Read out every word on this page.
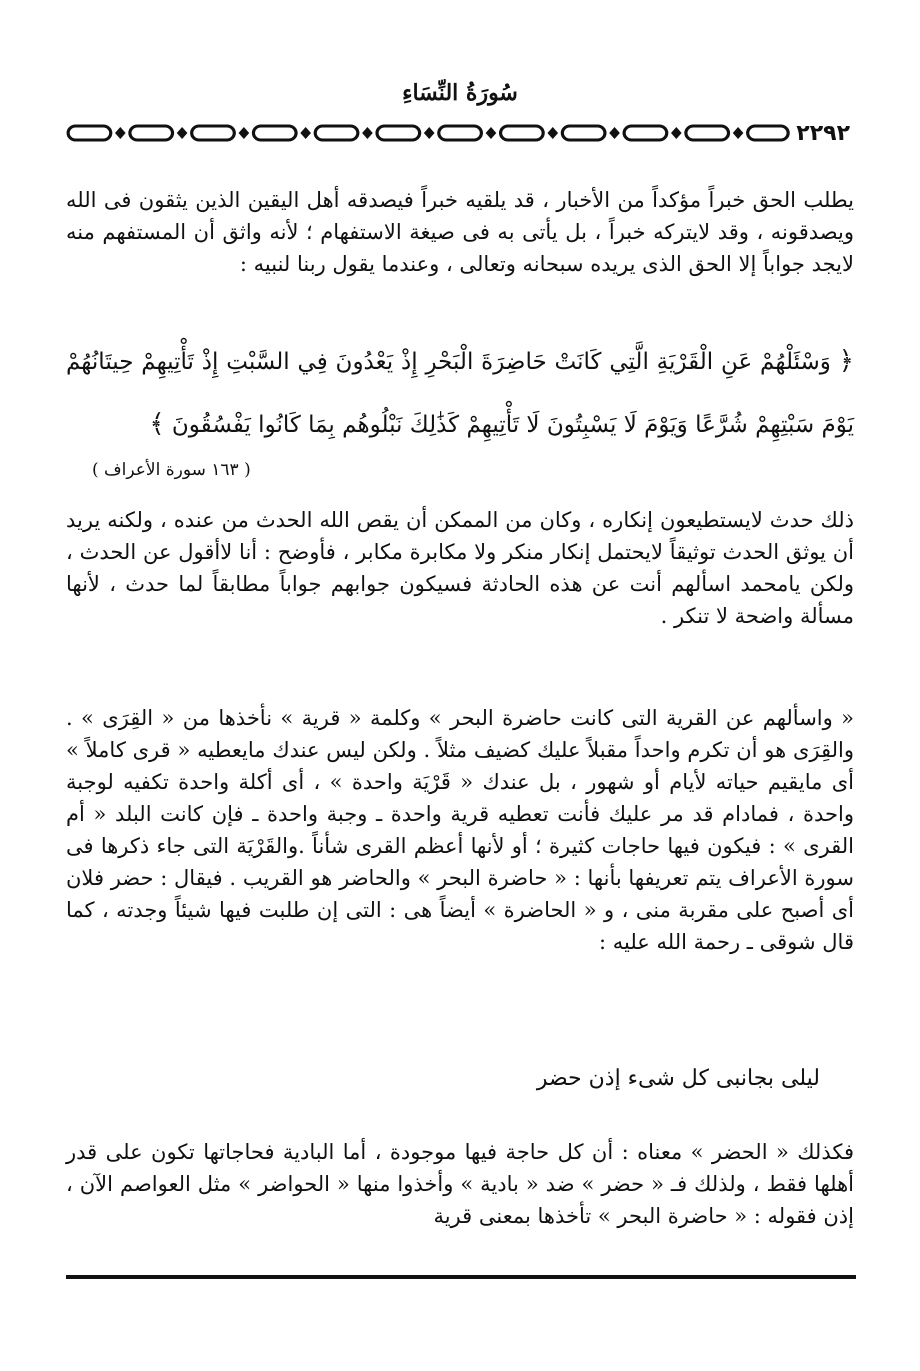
سُورَةُ النِّسَاءِ
٢٢٩٢

يطلب الحق خبراً مؤكداً من الأخبار ، قد يلقيه خبراً فيصدقه أهل اليقين الذين يثقون فى الله ويصدقونه ، وقد لايتركه خبراً ، بل يأتى به فى صيغة الاستفهام ؛ لأنه واثق أن المستفهم منه لايجد جواباً إلا الحق الذى يريده سبحانه وتعالى ، وعندما يقول ربنا لنبيه :

﴿ وَسْئَلْهُمْ عَنِ الْقَرْيَةِ الَّتِي كَانَتْ حَاضِرَةَ الْبَحْرِ إِذْ يَعْدُونَ فِي السَّبْتِ إِذْ تَأْتِيهِمْ حِيتَانُهُمْ يَوْمَ سَبْتِهِمْ شُرَّعًا وَيَوْمَ لَا يَسْبِتُونَ لَا تَأْتِيهِمْ كَذَٰلِكَ نَبْلُوهُم بِمَا كَانُوا يَفْسُقُونَ ﴾
( ١٦٣ سورة الأعراف )

ذلك حدث لايستطيعون إنكاره ، وكان من الممكن أن يقص الله الحدث من عنده ، ولكنه يريد أن يوثق الحدث توثيقاً لايحتمل إنكار منكر ولا مكابرة مكابر ، فأوضح : أنا لاأقول عن الحدث ، ولكن يامحمد اسألهم أنت عن هذه الحادثة فسيكون جوابهم جواباً مطابقاً لما حدث ، لأنها مسألة واضحة لا تنكر .

« واسألهم عن القرية التى كانت حاضرة البحر » وكلمة « قرية » نأخذها من « القِرَى » . والقِرَى هو أن تكرم واحداً مقبلاً عليك كضيف مثلاً . ولكن ليس عندك مايعطيه « قرى كاملاً » أى مايقيم حياته لأيام أو شهور ، بل عندك « قَرْيَة واحدة » ، أى أكلة واحدة تكفيه لوجبة واحدة ، فمادام قد مر عليك فأنت تعطيه قرية واحدة ـ وجبة واحدة ـ فإن كانت البلد « أم القرى » : فيكون فيها حاجات كثيرة ؛ أو لأنها أعظم القرى شأناً .والقَرْيَة التى جاء ذكرها فى سورة الأعراف يتم تعريفها بأنها : « حاضرة البحر » والحاضر هو القريب . فيقال : حضر فلان أى أصبح على مقربة منى ، و « الحاضرة » أيضاً هى : التى إن طلبت فيها شيئاً وجدته ، كما قال شوقى ـ رحمة الله عليه :

ليلى بجانبى كل شىء إذن حضر

فكذلك « الحضر » معناه : أن كل حاجة فيها موجودة ، أما البادية فحاجاتها تكون على قدر أهلها فقط ، ولذلك فـ « حضر » ضد « بادية » وأخذوا منها « الحواضر » مثل العواصم الآن ، إذن فقوله : « حاضرة البحر » تأخذها بمعنى قرية
